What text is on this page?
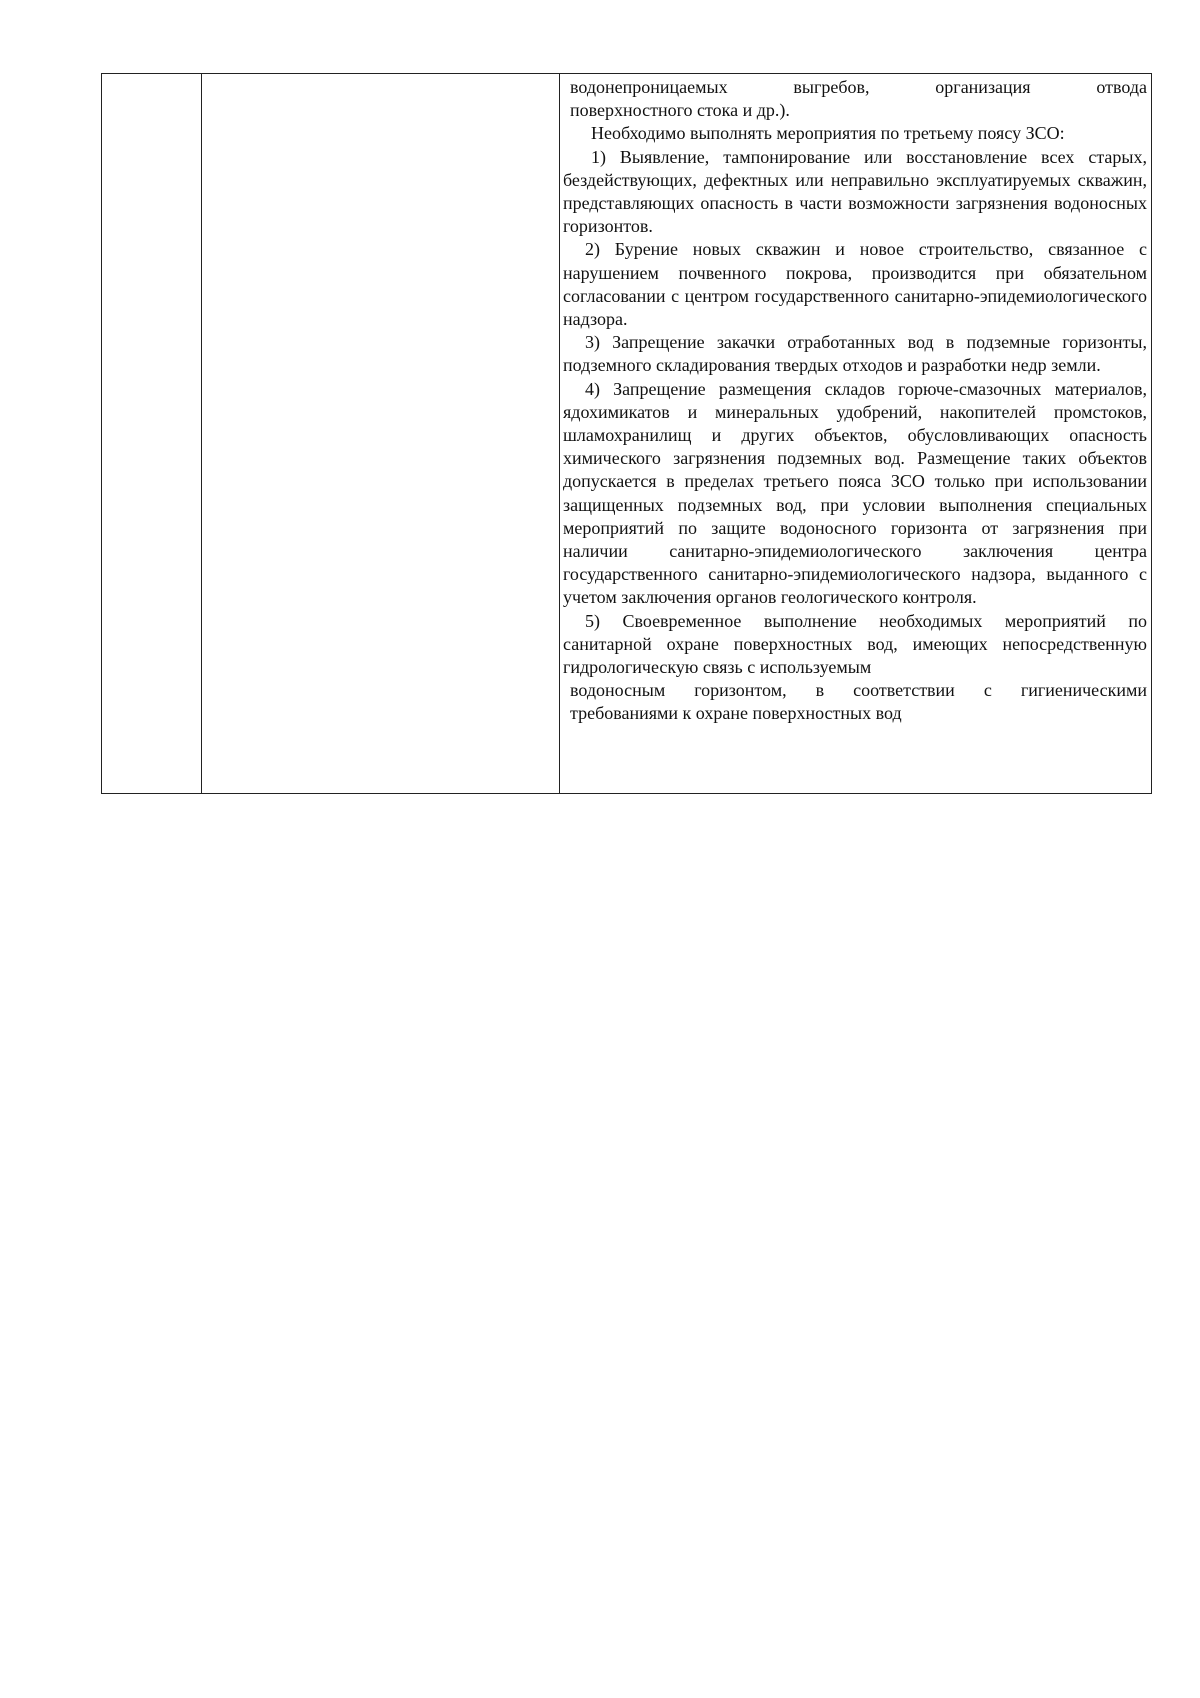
водонепроницаемых выгребов, организация отвода

поверхностного стока и др.).

Необходимо выполнять мероприятия по третьему поясу ЗСО:

1) Выявление, тампонирование или восстановление всех старых, бездействующих, дефектных или неправильно эксплуатируемых скважин, представляющих опасность в части возможности загрязнения водоносных горизонтов.

2) Бурение новых скважин и новое строительство, связанное с нарушением почвенного покрова, производится при обязательном согласовании с центром государственного санитарно-эпидемиологического надзора.

3) Запрещение закачки отработанных вод в подземные горизонты, подземного складирования твердых отходов и разработки недр земли.

4) Запрещение размещения складов горюче-смазочных материалов, ядохимикатов и минеральных удобрений, накопителей промстоков, шламохранилищ и других объектов, обусловливающих опасность химического загрязнения подземных вод. Размещение таких объектов допускается в пределах третьего пояса ЗСО только при использовании защищенных подземных вод, при условии выполнения специальных мероприятий по защите водоносного горизонта от загрязнения при наличии санитарно-эпидемиологического заключения центра государственного санитарно-эпидемиологического надзора, выданного с учетом заключения органов геологического контроля.

5) Своевременное выполнение необходимых мероприятий по санитарной охране поверхностных вод, имеющих непосредственную гидрологическую связь с используемым

водоносным горизонтом, в соответствии с гигиеническими

требованиями к охране поверхностных вод
